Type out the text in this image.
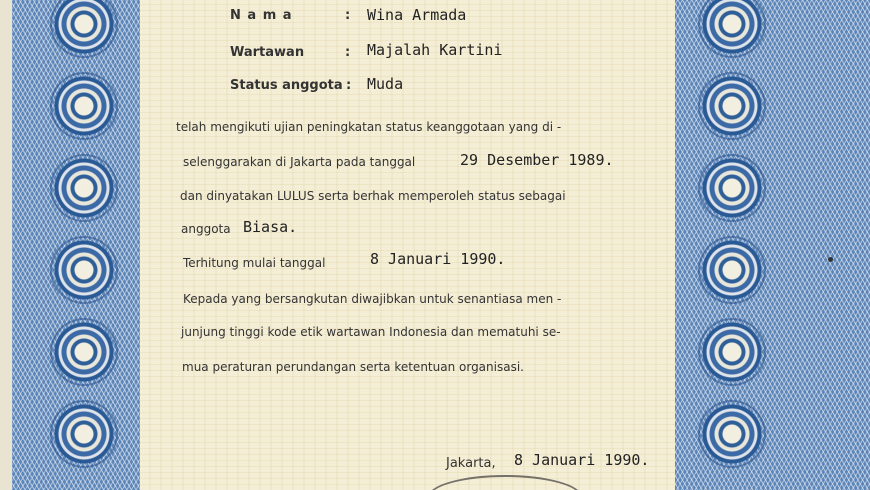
N a m a	: Wina Armada
Wartawan	: Majalah Kartini
Status anggota : Muda
telah mengikuti ujian peningkatan status keanggotaan yang di -
selenggarakan di Jakarta pada tanggal	29 Desember 1989.
dan dinyatakan LULUS serta berhak memperoleh status sebagai
anggota Biasa.
Terhitung mulai tanggal	8 Januari 1990.
Kepada yang bersangkutan diwajibkan untuk senantiasa men -
junjung tinggi kode etik wartawan Indonesia dan mematuhi se-
mua peraturan perundangan serta ketentuan organisasi.
Jakarta, 8 Januari 1990.
